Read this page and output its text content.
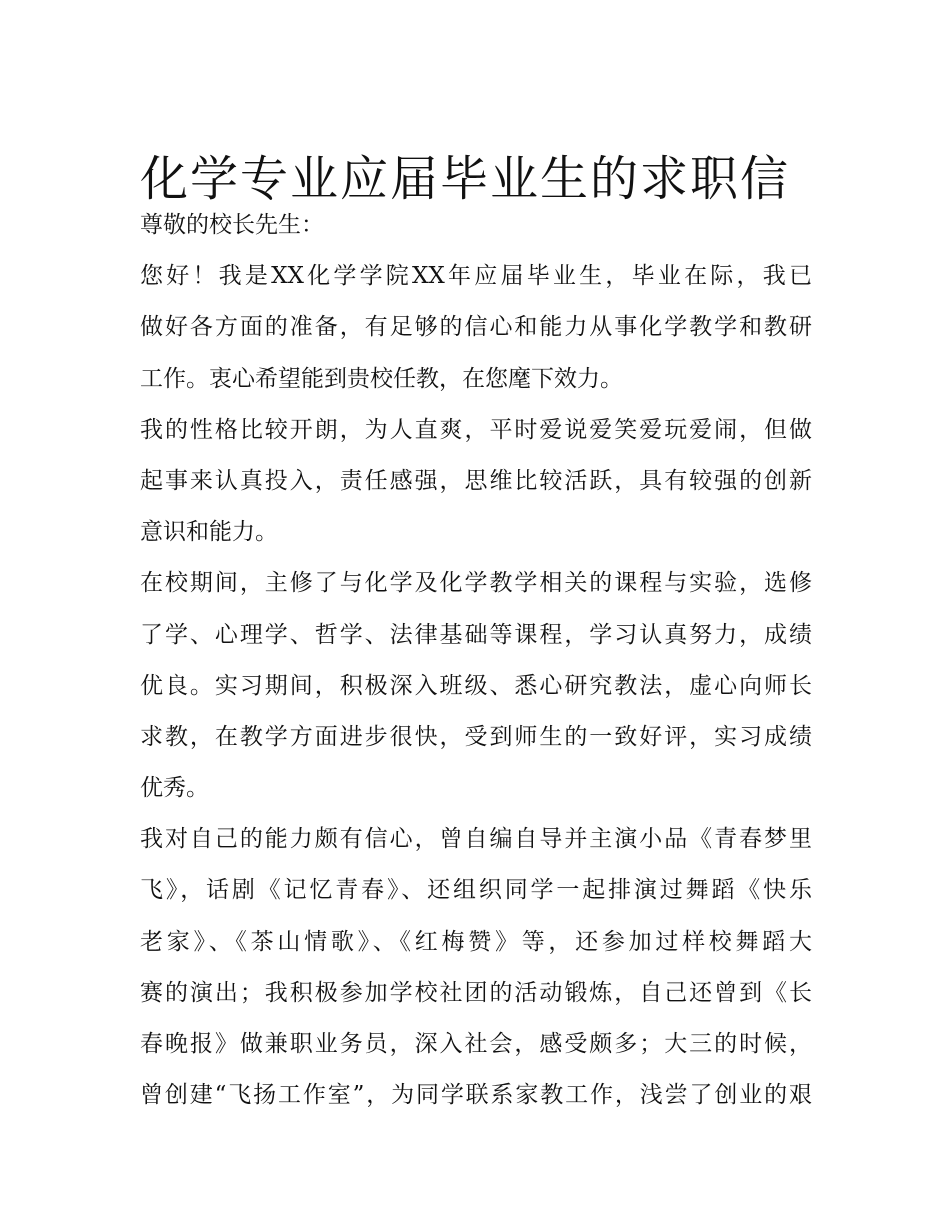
化学专业应届毕业生的求职信
尊敬的校长先生：
您好！我是XX化学学院XX年应届毕业生，毕业在际，我已
做好各方面的准备，有足够的信心和能力从事化学教学和教研
工作。衷心希望能到贵校任教，在您麾下效力。
我的性格比较开朗，为人直爽，平时爱说爱笑爱玩爱闹，但做
起事来认真投入，责任感强，思维比较活跃，具有较强的创新
意识和能力。
在校期间，主修了与化学及化学教学相关的课程与实验，选修
了学、心理学、哲学、法律基础等课程，学习认真努力，成绩
优良。实习期间，积极深入班级、悉心研究教法，虚心向师长
求教，在教学方面进步很快，受到师生的一致好评，实习成绩
优秀。
我对自己的能力颇有信心，曾自编自导并主演小品《青春梦里
飞》，话剧《记忆青春》、还组织同学一起排演过舞蹈《快乐
老家》、《茶山情歌》、《红梅赞》等，还参加过样校舞蹈大
赛的演出；我积极参加学校社团的活动锻炼，自己还曾到《长
春晚报》做兼职业务员，深入社会，感受颇多；大三的时候，
曾创建“飞扬工作室”，为同学联系家教工作，浅尝了创业的艰
